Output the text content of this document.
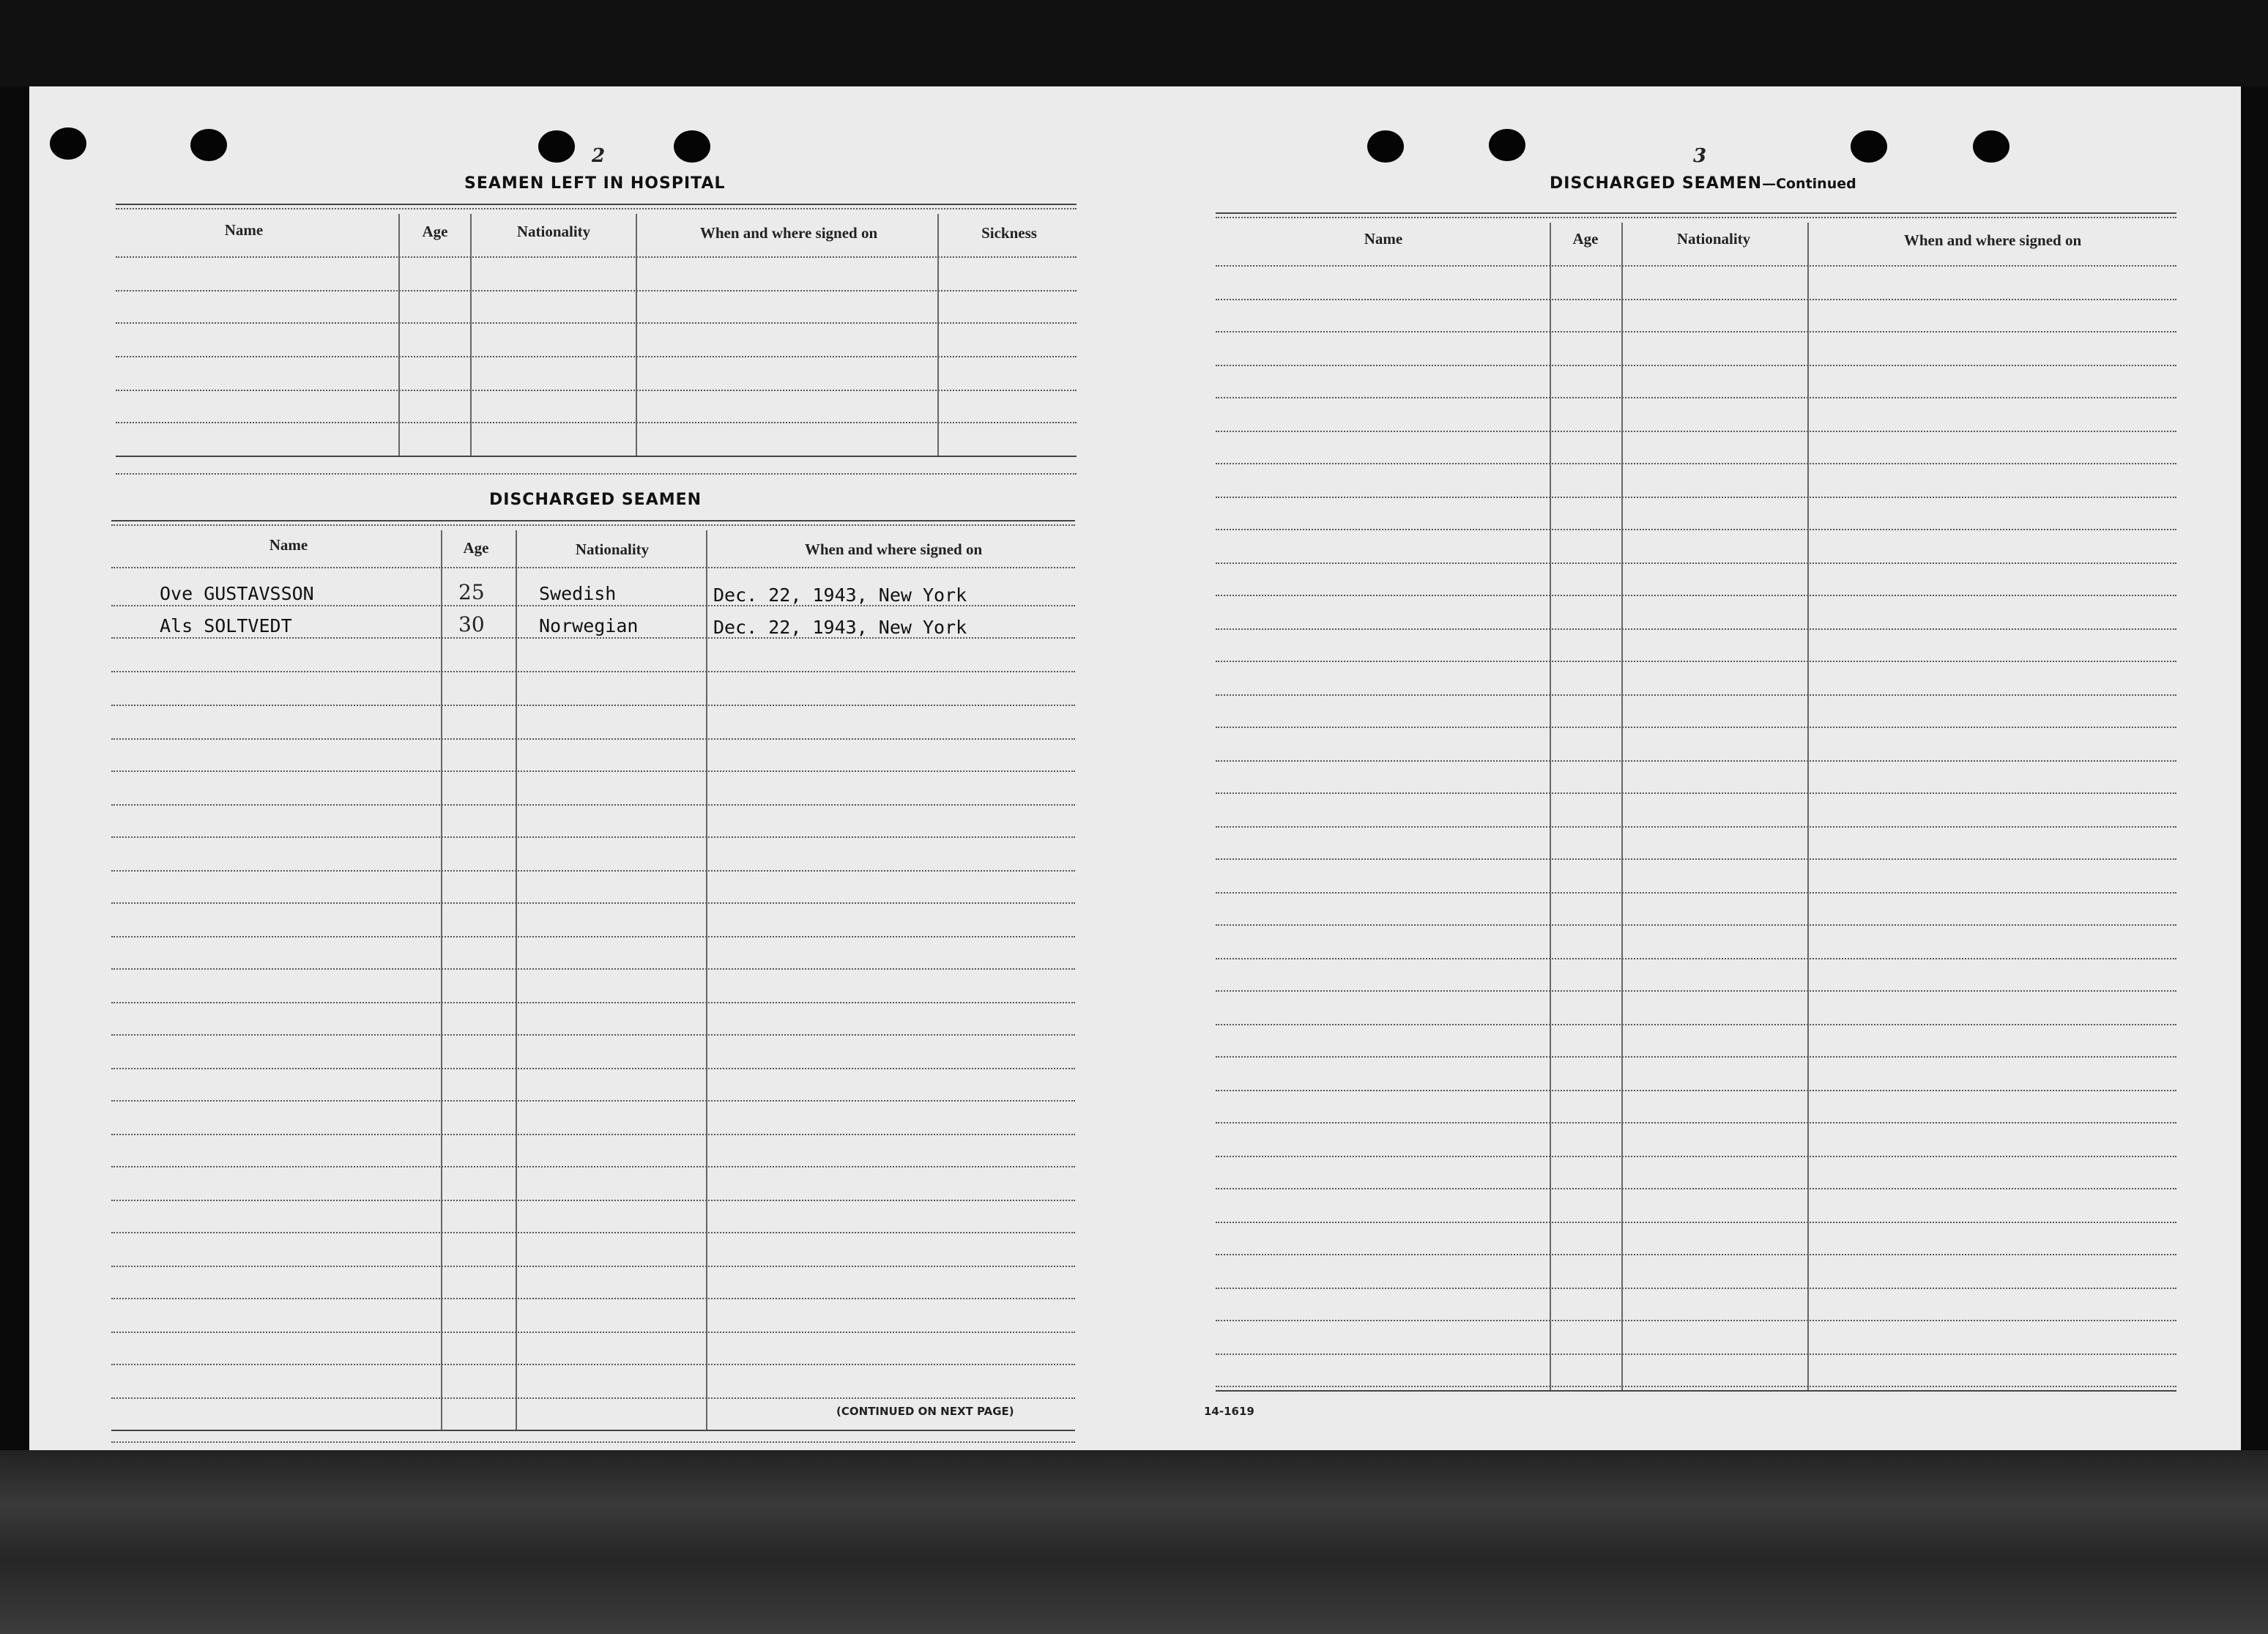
2
SEAMEN LEFT IN HOSPITAL
Name	Age	Nationality	When and where signed on	Sickness
DISCHARGED SEAMEN
Name	Age	Nationality	When and where signed on
Ove GUSTAVSSON	25	Swedish	Dec. 22, 1943, New York
Als SOLTVEDT	30	Norwegian	Dec. 22, 1943, New York
(CONTINUED ON NEXT PAGE)
3
DISCHARGED SEAMEN—Continued
Name	Age	Nationality	When and where signed on
14-1619
